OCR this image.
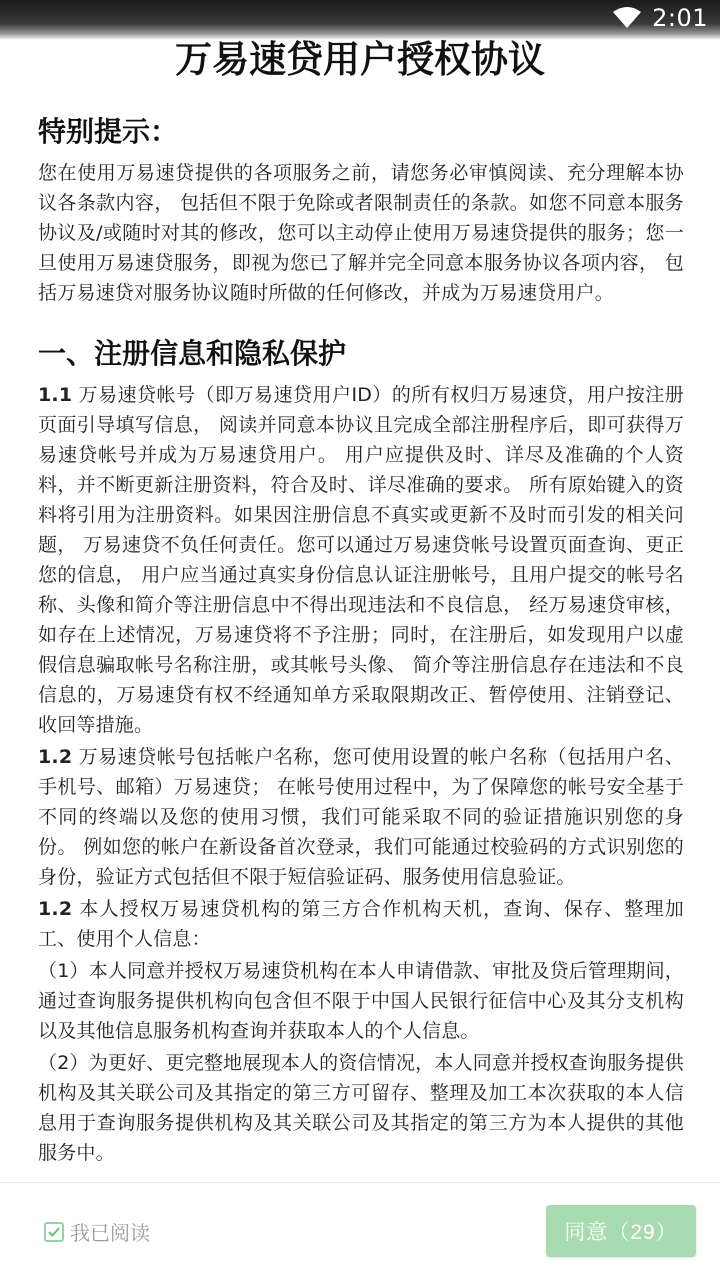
2:01
万易速贷用户授权协议
特别提示：

您在使用万易速贷提供的各项服务之前，请您务必审慎阅读、充分理解本协议各条款内容， 包括但不限于免除或者限制责任的条款。如您不同意本服务协议及/或随时对其的修改，您可以主动停止使用万易速贷提供的服务；您一旦使用万易速贷服务，即视为您已了解并完全同意本服务协议各项内容， 包括万易速贷对服务协议随时所做的任何修改，并成为万易速贷用户。

一、注册信息和隐私保护

1.1 万易速贷帐号（即万易速贷用户ID）的所有权归万易速贷，用户按注册页面引导填写信息， 阅读并同意本协议且完成全部注册程序后，即可获得万易速贷帐号并成为万易速贷用户。 用户应提供及时、详尽及准确的个人资料，并不断更新注册资料，符合及时、详尽准确的要求。 所有原始键入的资料将引用为注册资料。如果因注册信息不真实或更新不及时而引发的相关问题， 万易速贷不负任何责任。您可以通过万易速贷帐号设置页面查询、更正您的信息， 用户应当通过真实身份信息认证注册帐号，且用户提交的帐号名称、头像和简介等注册信息中不得出现违法和不良信息， 经万易速贷审核，如存在上述情况，万易速贷将不予注册；同时，在注册后，如发现用户以虚假信息骗取帐号名称注册，或其帐号头像、 简介等注册信息存在违法和不良信息的，万易速贷有权不经通知单方采取限期改正、暂停使用、注销登记、收回等措施。

1.2 万易速贷帐号包括帐户名称，您可使用设置的帐户名称（包括用户名、手机号、邮箱）万易速贷； 在帐号使用过程中，为了保障您的帐号安全基于不同的终端以及您的使用习惯，我们可能采取不同的验证措施识别您的身份。 例如您的帐户在新设备首次登录，我们可能通过校验码的方式识别您的身份，验证方式包括但不限于短信验证码、服务使用信息验证。

1.2 本人授权万易速贷机构的第三方合作机构天机，查询、保存、整理加工、使用个人信息：

（1）本人同意并授权万易速贷机构在本人申请借款、审批及贷后管理期间，通过查询服务提供机构向包含但不限于中国人民银行征信中心及其分支机构以及其他信息服务机构查询并获取本人的个人信息。

（2）为更好、更完整地展现本人的资信情况，本人同意并授权查询服务提供机构及其关联公司及其指定的第三方可留存、整理及加工本次获取的本人信息用于查询服务提供机构及其关联公司及其指定的第三方为本人提供的其他服务中。

我已阅读	同意（29）
